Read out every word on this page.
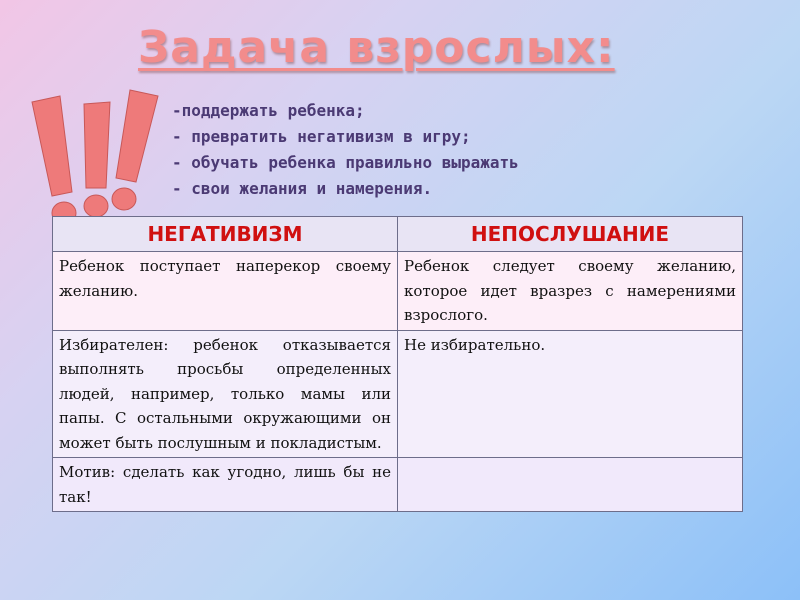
Задача взрослых:
-поддержать ребенка;
- превратить негативизм в игру;
- обучать ребенка правильно выражать
- свои желания и намерения.
НЕГАТИВИЗМ	НЕПОСЛУШАНИЕ
Ребенок поступает наперекор своему желанию.	Ребенок следует своему желанию, которое идет вразрез с намерениями взрослого.
Избирателен: ребенок отказывается выполнять просьбы определенных людей, например, только мамы или папы. С остальными окружающими он может быть послушным и покладистым.	Не избирательно.
Мотив: сделать как угодно, лишь бы не так!	
